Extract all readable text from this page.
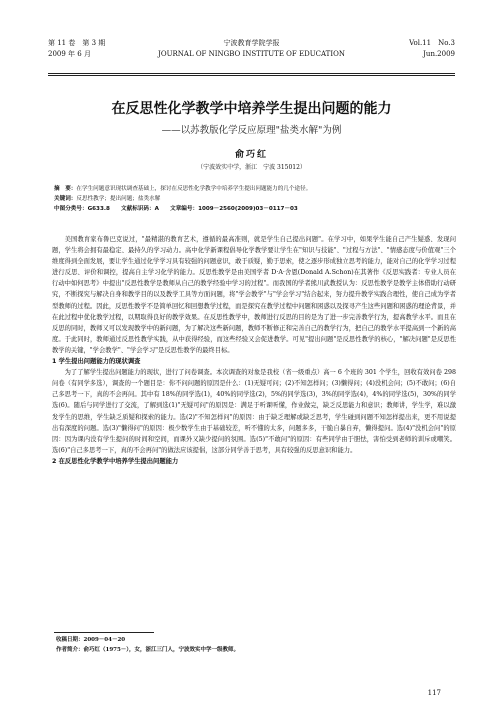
第 11 卷　第 3 期
2009 年 6 月
宁波教育学院学报
JOURNAL OF NINGBO INSTITUTE OF EDUCATION
Vol.11　No.3
Jun.2009
在反思性化学教学中培养学生提出问题的能力
——以苏教版化学反应原理"盐类水解"为例
俞巧红
（宁波效实中学，浙江　宁波 315012）
摘　要：在学生问题意识现状调查基础上，探讨在反思性化学教学中培养学生提出问题能力的几个途径。
关键词：反思性教学；提出问题；盐类水解
中图分类号：G633.8　　文献标识码：A　　文章编号：1009－2560(2009)03－0117－03

美国教育家布鲁巴克说过，"最精湛的教育艺术，遵循的最高准则，就是学生自己提出问题"。在学习中，如果学生能自己产生疑惑、发现问题，学生将会拥有最稳定、最持久的学习动力。高中化学新课程倡导化学教学要让学生在"知识与技能"、"过程与方法"、"情感态度与价值观"三个维度得到全面发展，要让学生通过化学学习具有较强的问题意识，敢于质疑，勤于思索，使之逐步形成独立思考的能力，能对自己的化学学习过程进行反思、评价和调控，提高自主学习化学的能力。反思性教学是由美国学者 D·A·舍恩(Donald A.Schon)在其著作《反思实践者：专业人员在行动中如何思考》中提出"反思性教学是教师从自己的教学经验中学习的过程"。而我国的学者熊川武教授认为：反思性教学是教学主体借助行动研究，不断探究与解决自身和教学目的以及教学工具等方面问题，将"学会教学"与"学会学习"结合起来，努力提升教学实践合理性，使自己成为学者型教师的过程。因此，反思性教学不是简单回忆和回想教学过程，而是探究在教学过程中问题和困惑以及探寻产生这些问题和困惑的理论背景，并在此过程中优化教学过程，以期取得良好的教学效果。在反思性教学中，教师进行反思的目的是为了进一步完善教学行为，提高教学水平。而且在反思的同时，教师又可以发现教学中的新问题，为了解决这些新问题，教师不断修正和完善自己的教学行为，把自己的教学水平提高到一个新的高度。于此同时，教师通过反思性教学实践，从中获得经验，而这些经验又会促进教学。可见"提出问题"是反思性教学的核心，"解决问题"是反思性教学的关键，"学会教学"、"学会学习"是反思性教学的最终目标。

1 学生提出问题能力的现状调查

为了了解学生提出问题能力的现状，进行了问卷调查。本次调查的对象是我校（省一级重点）高一 6 个班的 301 个学生，回收有效问卷 298 问卷（有同学多选），调查的一个题目是：你不问问题的原因是什么：(1)无疑可问；(2)不知怎样问；(3)懒得问；(4)没机会问；(5)不敢问；(6)自己多思考一下，真的不会再问。其中有 18%的同学选(1)，40%的同学选(2)，5%的同学选(3)，3%的同学选(4)，4%的同学选(5)，30%的同学选(6)。随后与同学进行了交流，了解到选(1)"无疑可问"的原因是：满足于听课听懂，作业做完，缺乏反思能力和意识；教师讲，学生学，难以激发学生的思维，学生缺乏质疑和探索的能力。选(2)"不知怎样问"的原因：由于缺乏理解或缺乏思考，学生碰到问题不知怎样提出来，更不用说提出有深度的问题。选(3)"懒得问"的原因：极少数学生由于基础较差，听不懂的太多，问题多多，干脆自暴自弃，懒得提问。选(4)"没机会问"的原因：因为课内没有学生提问的时间和空间，而课外又缺少提问的氛围。选(5)"不敢问"的原因：有些同学由于胆怯，害怕受到老师的训斥或嘲笑。选(6)"自己多思考一下，真的不会再问"的做法应该提倡，这部分同学善于思考，具有较强的反思意识和能力。

2 在反思性化学教学中培养学生提出问题能力
收稿日期：2009－04－20
作者简介：俞巧红（1975－），女，浙江三门人，宁波效实中学一级教师。
117
